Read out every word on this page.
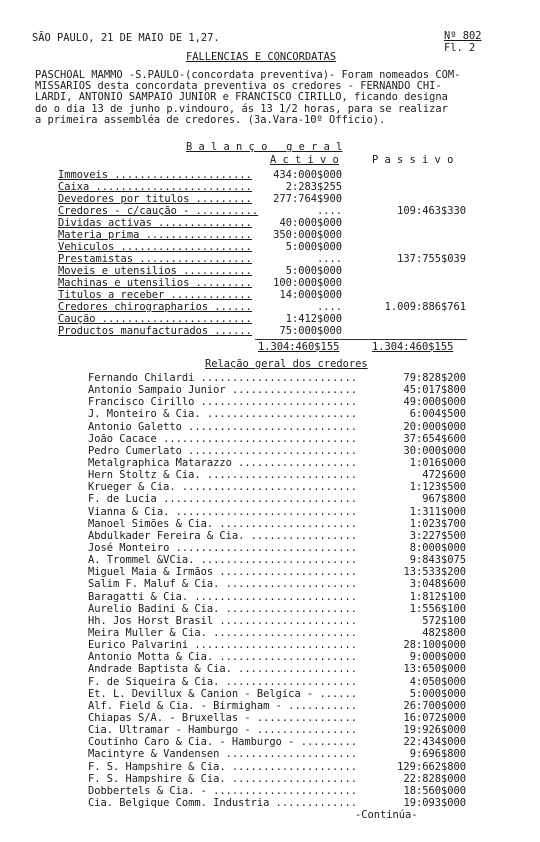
SÃO PAULO, 21 DE MAIO DE 1,27.	Nº 802
Fl. 2
FALLENCIAS E CONCORDATAS
PASCHOAL MAMMO -S.PAULO-(concordata preventiva)- Foram nomeados COM-
MISSARIOS desta concordata preventiva os credores - FERNANDO CHI-
LARDI, ANTONIO SAMPAIO JUNIOR e FRANCISCO CIRILLO, ficando designa
do o dia 13 de junho p.vindouro, ás 13 1/2 horas, para se realizar
a primeira assembléa de credores. (3a.Vara-10º Officio).
B a l a n ç o   g e r a l
A c t i v o	P a s s i v o
Immoveis ...................... 434:000$000
Caixa .........................	2:283$255
Devedores por titulos ......... 277:764$900
Credores - c/caução - ..........	....	109:463$330
Dividas activas ...............	40:000$000
Materia prima ................. 350:000$000
Vehiculos .....................	5:000$000
Prestamistas ..................	....	137:755$039
Moveis e utensilios ...........	5:000$000
Machinas e utensilios ......... 100:000$000
Titulos a receber .............	14:000$000
Credores chirographarios ......	....	1.009:886$761
Caução ........................	1:412$000
Productos manufacturados ......	75:000$000
1.304:460$155	1.304:460$155
Relação geral dos credores
Fernando Chilardi .........................	79:828$200
Antonio Sampaio Junior ....................	45:017$800
Francisco Cirillo .........................	49:000$000
J. Monteiro & Cia. ........................	6:004$500
Antonio Galetto ...........................	20:000$000
João Cacace ...............................	37:654$600
Pedro Cumerlato ...........................	30:000$000
Metalgraphica Matarazzo ...................	1:016$000
Hern Stoltz & Cia. ........................	472$600
Krueger & Cia. ............................	1:123$500
F. de Lucia ...............................	967$800
Vianna & Cia. .............................	1:311$000
Manoel Simões & Cia. ......................	1:023$700
Abdulkader Fereira & Cia. .................	3:227$500
José Monteiro .............................	8:000$000
A. Trommel &VCia. .........................	9:843$075
Miguel Maia & Irmãos ......................	13:533$200
Salim F. Maluf & Cia. .....................	3:048$600
Baragatti & Cia. ..........................	1:812$100
Aurelio Badini & Cia. .....................	1:556$100
Hh. Jos Horst Brasil ......................	572$100
Meira Muller & Cia. .......................	482$800
Eurico Palvarini ..........................	28:100$000
Antonio Motta & Cia. ......................	9:000$000
Andrade Baptista & Cia. ...................	13:650$000
F. de Siqueira & Cia. .....................	4:050$000
Et. L. Devillux & Canion - Belgica - ......	5:000$000
Alf. Field & Cia. - Birmigham - ...........	26:700$000
Chiapas S/A. - Bruxellas - ................	16:072$000
Cia. Ultramar - Hamburgo - ................	19:926$000
Coutinho Caro & Cia. - Hamburgo - .........	22:434$000
Macintyre & Vandensen .....................	9:696$800
F. S. Hampshire & Cia. ....................	129:662$800
F. S. Hampshire & Cia. ....................	22:828$000
Dobbertels & Cia. - .......................	18:560$000
Cia. Belgique Comm. Industria .............	19:093$000
-Continúa-
